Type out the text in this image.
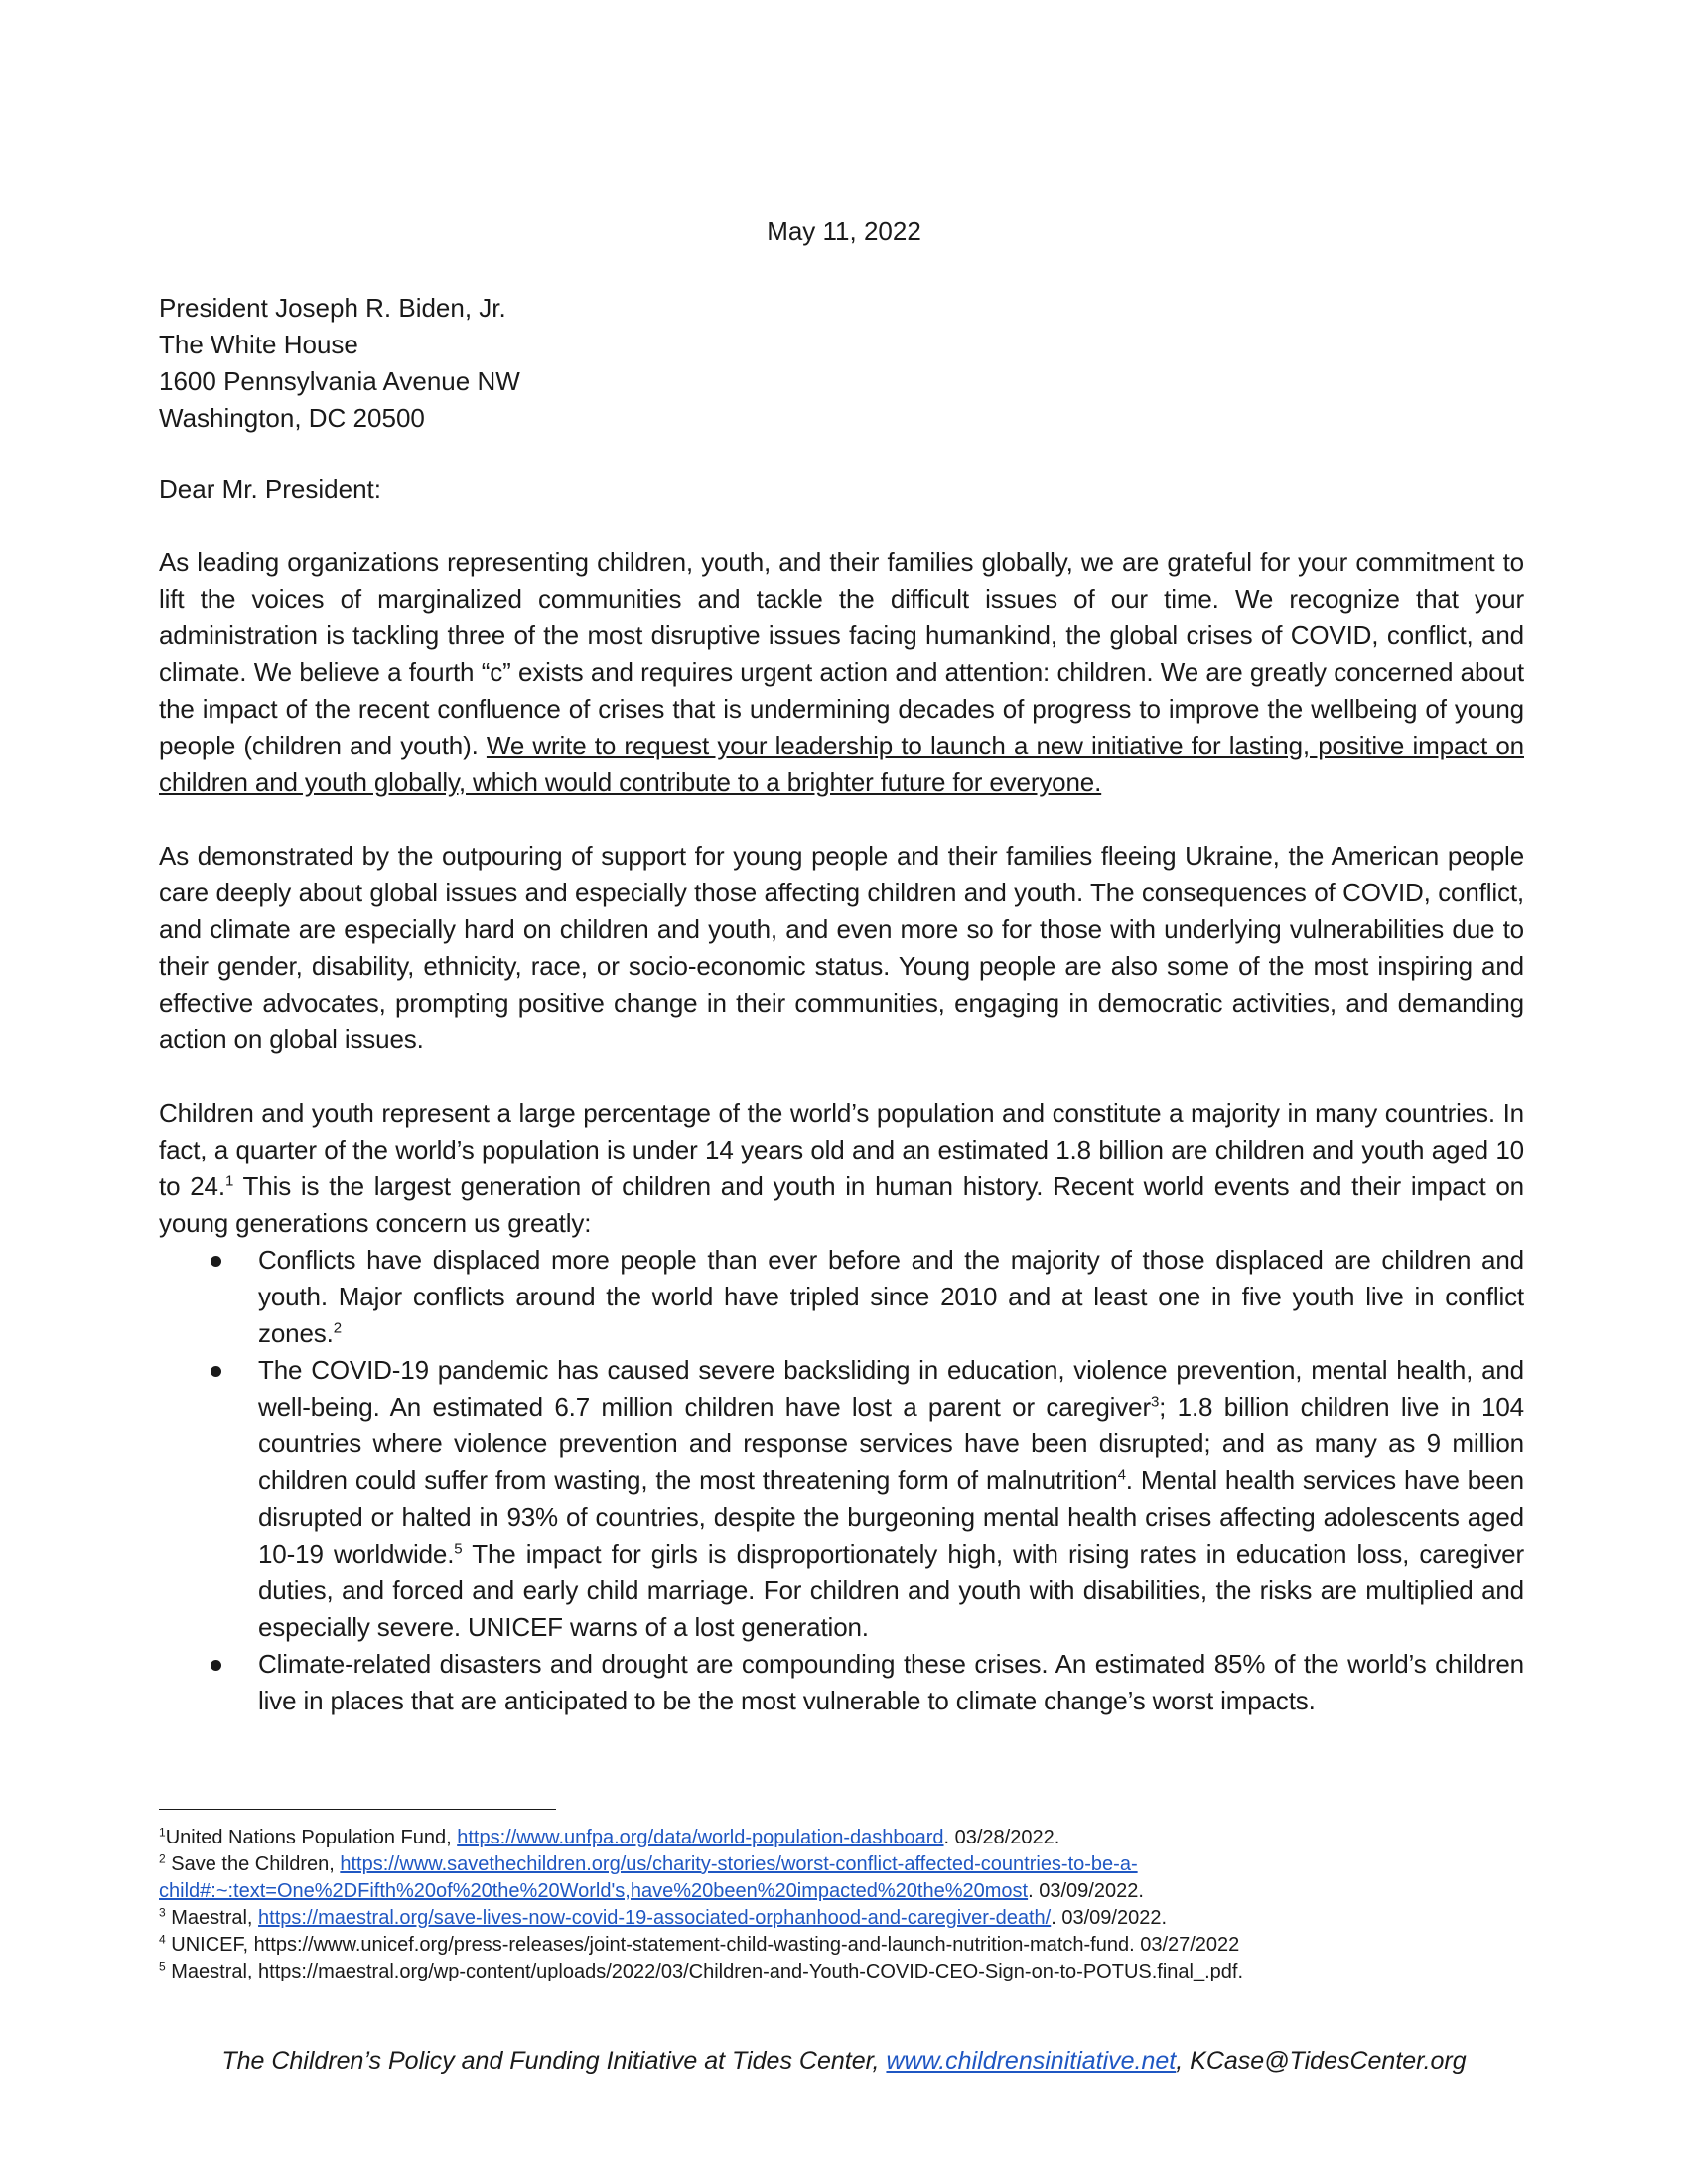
May 11, 2022
President Joseph R. Biden, Jr.
The White House
1600 Pennsylvania Avenue NW
Washington, DC 20500
Dear Mr. President:

As leading organizations representing children, youth, and their families globally, we are grateful for your commitment to lift the voices of marginalized communities and tackle the difficult issues of our time. We recognize that your administration is tackling three of the most disruptive issues facing humankind, the global crises of COVID, conflict, and climate. We believe a fourth “c” exists and requires urgent action and attention: children. We are greatly concerned about the impact of the recent confluence of crises that is undermining decades of progress to improve the wellbeing of young people (children and youth). We write to request your leadership to launch a new initiative for lasting, positive impact on children and youth globally, which would contribute to a brighter future for everyone.

As demonstrated by the outpouring of support for young people and their families fleeing Ukraine, the American people care deeply about global issues and especially those affecting children and youth. The consequences of COVID, conflict, and climate are especially hard on children and youth, and even more so for those with underlying vulnerabilities due to their gender, disability, ethnicity, race, or socio-economic status. Young people are also some of the most inspiring and effective advocates, prompting positive change in their communities, engaging in democratic activities, and demanding action on global issues.

Children and youth represent a large percentage of the world’s population and constitute a majority in many countries. In fact, a quarter of the world’s population is under 14 years old and an estimated 1.8 billion are children and youth aged 10 to 24.$^1$ This is the largest generation of children and youth in human history. Recent world events and their impact on young generations concern us greatly:

Conflicts have displaced more people than ever before and the majority of those displaced are children and youth. Major conflicts around the world have tripled since 2010 and at least one in five youth live in conflict zones.$^2$
The COVID-19 pandemic has caused severe backsliding in education, violence prevention, mental health, and well-being. An estimated 6.7 million children have lost a parent or caregiver$^3$; 1.8 billion children live in 104 countries where violence prevention and response services have been disrupted; and as many as 9 million children could suffer from wasting, the most threatening form of malnutrition$^4$. Mental health services have been disrupted or halted in 93% of countries, despite the burgeoning mental health crises affecting adolescents aged 10-19 worldwide.$^5$ The impact for girls is disproportionately high, with rising rates in education loss, caregiver duties, and forced and early child marriage. For children and youth with disabilities, the risks are multiplied and especially severe. UNICEF warns of a lost generation.
Climate-related disasters and drought are compounding these crises. An estimated 85% of the world’s children live in places that are anticipated to be the most vulnerable to climate change’s worst impacts.
$^1$United Nations Population Fund, https://www.unfpa.org/data/world-population-dashboard. 03/28/2022.
$^2$ Save the Children, https://www.savethechildren.org/us/charity-stories/worst-conflict-affected-countries-to-be-a-
child#:~:text=One%2DFifth%20of%20the%20World's,have%20been%20impacted%20the%20most. 03/09/2022.
$^3$ Maestral, https://maestral.org/save-lives-now-covid-19-associated-orphanhood-and-caregiver-death/. 03/09/2022.
$^4$ UNICEF, https://www.unicef.org/press-releases/joint-statement-child-wasting-and-launch-nutrition-match-fund. 03/27/2022
$^5$ Maestral, https://maestral.org/wp-content/uploads/2022/03/Children-and-Youth-COVID-CEO-Sign-on-to-POTUS.final_.pdf.
The Children’s Policy and Funding Initiative at Tides Center, www.childrensinitiative.net, KCase@TidesCenter.org
